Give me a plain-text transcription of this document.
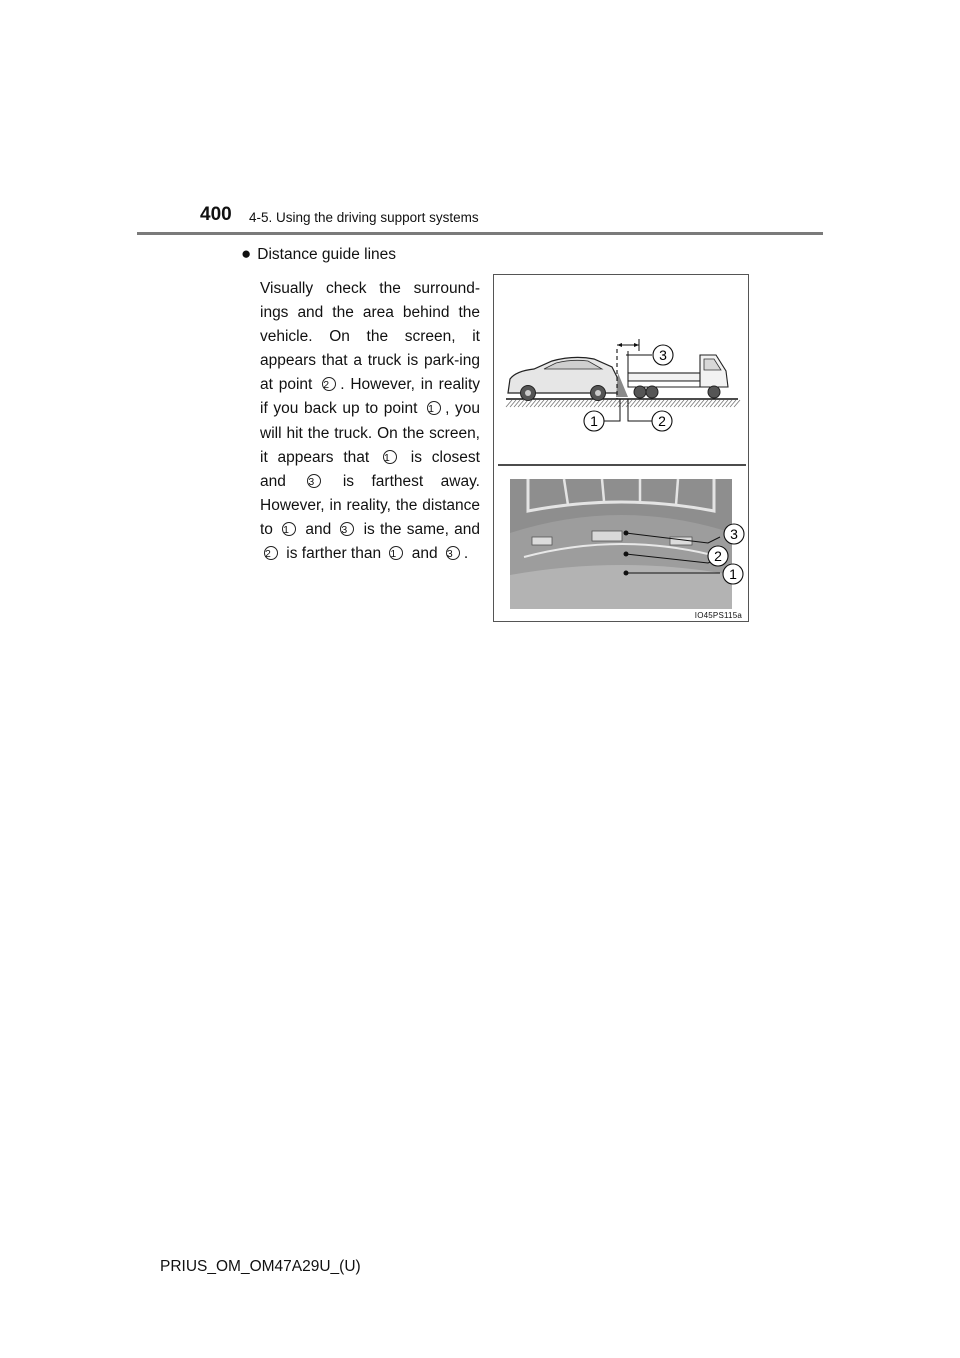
400 4-5. Using the driving support systems
● Distance guide lines
Visually check the surround-ings and the area behind the vehicle. On the screen, it appears that a truck is park-ing at point 2 . However, in reality if you back up to point 1 , you will hit the truck. On the screen, it appears that 1 is closest and 3 is farthest away. However, in reality, the distance to 1 and 3 is the same, and 2 is farther than 1 and 3 .
3
1	2
3
2
1
IO45PS115a
PRIUS_OM_OM47A29U_(U)
